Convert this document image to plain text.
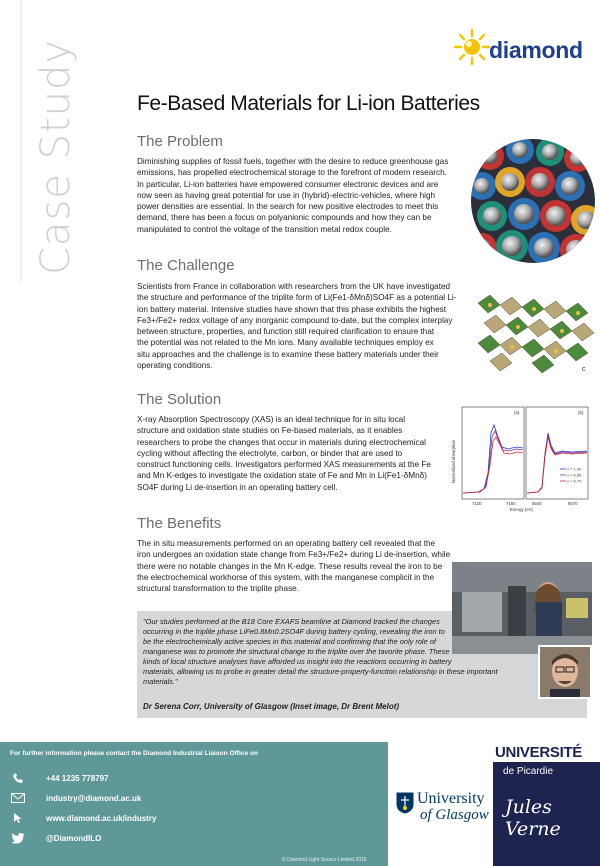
Case Study	diamond
Fe-Based Materials for Li-ion Batteries
The Problem

Diminishing supplies of fossil fuels, together with the desire to reduce greenhouse gas
emissions, has propelled electrochemical storage to the forefront of modern research.
In particular, Li-ion batteries have empowered consumer electronic devices and are
now seen as having great potential for use in (hybrid)-electric-vehicles, where high
power densities are essential. In the search for new positive electrodes to meet this
demand, there has been a focus on polyanionic compounds and how they can be
manipulated to control the voltage of the transition metal redox couple.

The Challenge

Scientists from France in collaboration with researchers from the UK have investigated
the structure and performance of the triplite form of Li(Fe1-δMnδ)SO4F as a potential Li-
ion battery material. Intensive studies have shown that this phase exhibits the highest
Fe3+/Fe2+ redox voltage of any inorganic compound to-date, but the complex interplay
between structure, properties, and function still required clarification to ensure that
the potential was not related to the Mn ions. Many available techniques employ ex
situ approaches and the challenge is to examine these battery materials under their
operating conditions.	c
The Solution

X-ray Absorption Spectroscopy (XAS) is an ideal technique for in situ local
structure and oxidation state studies on Fe-based materials, as it enables
researchers to probe the changes that occur in materials during electrochemical
cycling without affecting the electrolyte, carbon, or binder that are used to
construct functioning cells. Investigators performed XAS measurements at the Fe
and Mn K-edges to investigate the oxidation state of Fe and Mn in Li(Fe1-δMnδ)
SO4F during Li de-insertion in an operating battery cell.

Normalized absorption
(a)
7120	7160
(b)
6540	6570
x = 1.00
x = 0.85
x = 0.70
Energy (eV)
The Benefits

The in situ measurements performed on an operating battery cell revealed that the
iron undergoes an oxidation state change from Fe3+/Fe2+ during Li de-insertion, while
there were no notable changes in the Mn K-edge. These results reveal the iron to be
the electrochemical workhorse of this system, with the manganese complicit in the
structural transformation to the triplite phase.

"Our studies performed at the B18 Core EXAFS beamline at Diamond tracked the changes
occurring in the triplite phase LiFe0.8Mn0.2SO4F during battery cycling, revealing the iron to
be the electrochemically active species in this material and confirming that the only role of
manganese was to promote the structural change to the triplite over the tavorite phase. These
kinds of local structure analyses have afforded us insight into the reactions occurring in battery
materials, allowing us to probe in greater detail the structure-property-function relationship in these important
materials."

Dr Serena Corr, University of Glasgow (Inset image, Dr Brent Melot)
For further information please contact the Diamond Industrial Liaison Office on
+44 1235 778797
industry@diamond.ac.uk
www.diamond.ac.uk/industry
@DiamondILO
© Diamond Light Source Limited 2016
University
of Glasgow
UNIVERSITÉ
de Picardie
Jules Verne
